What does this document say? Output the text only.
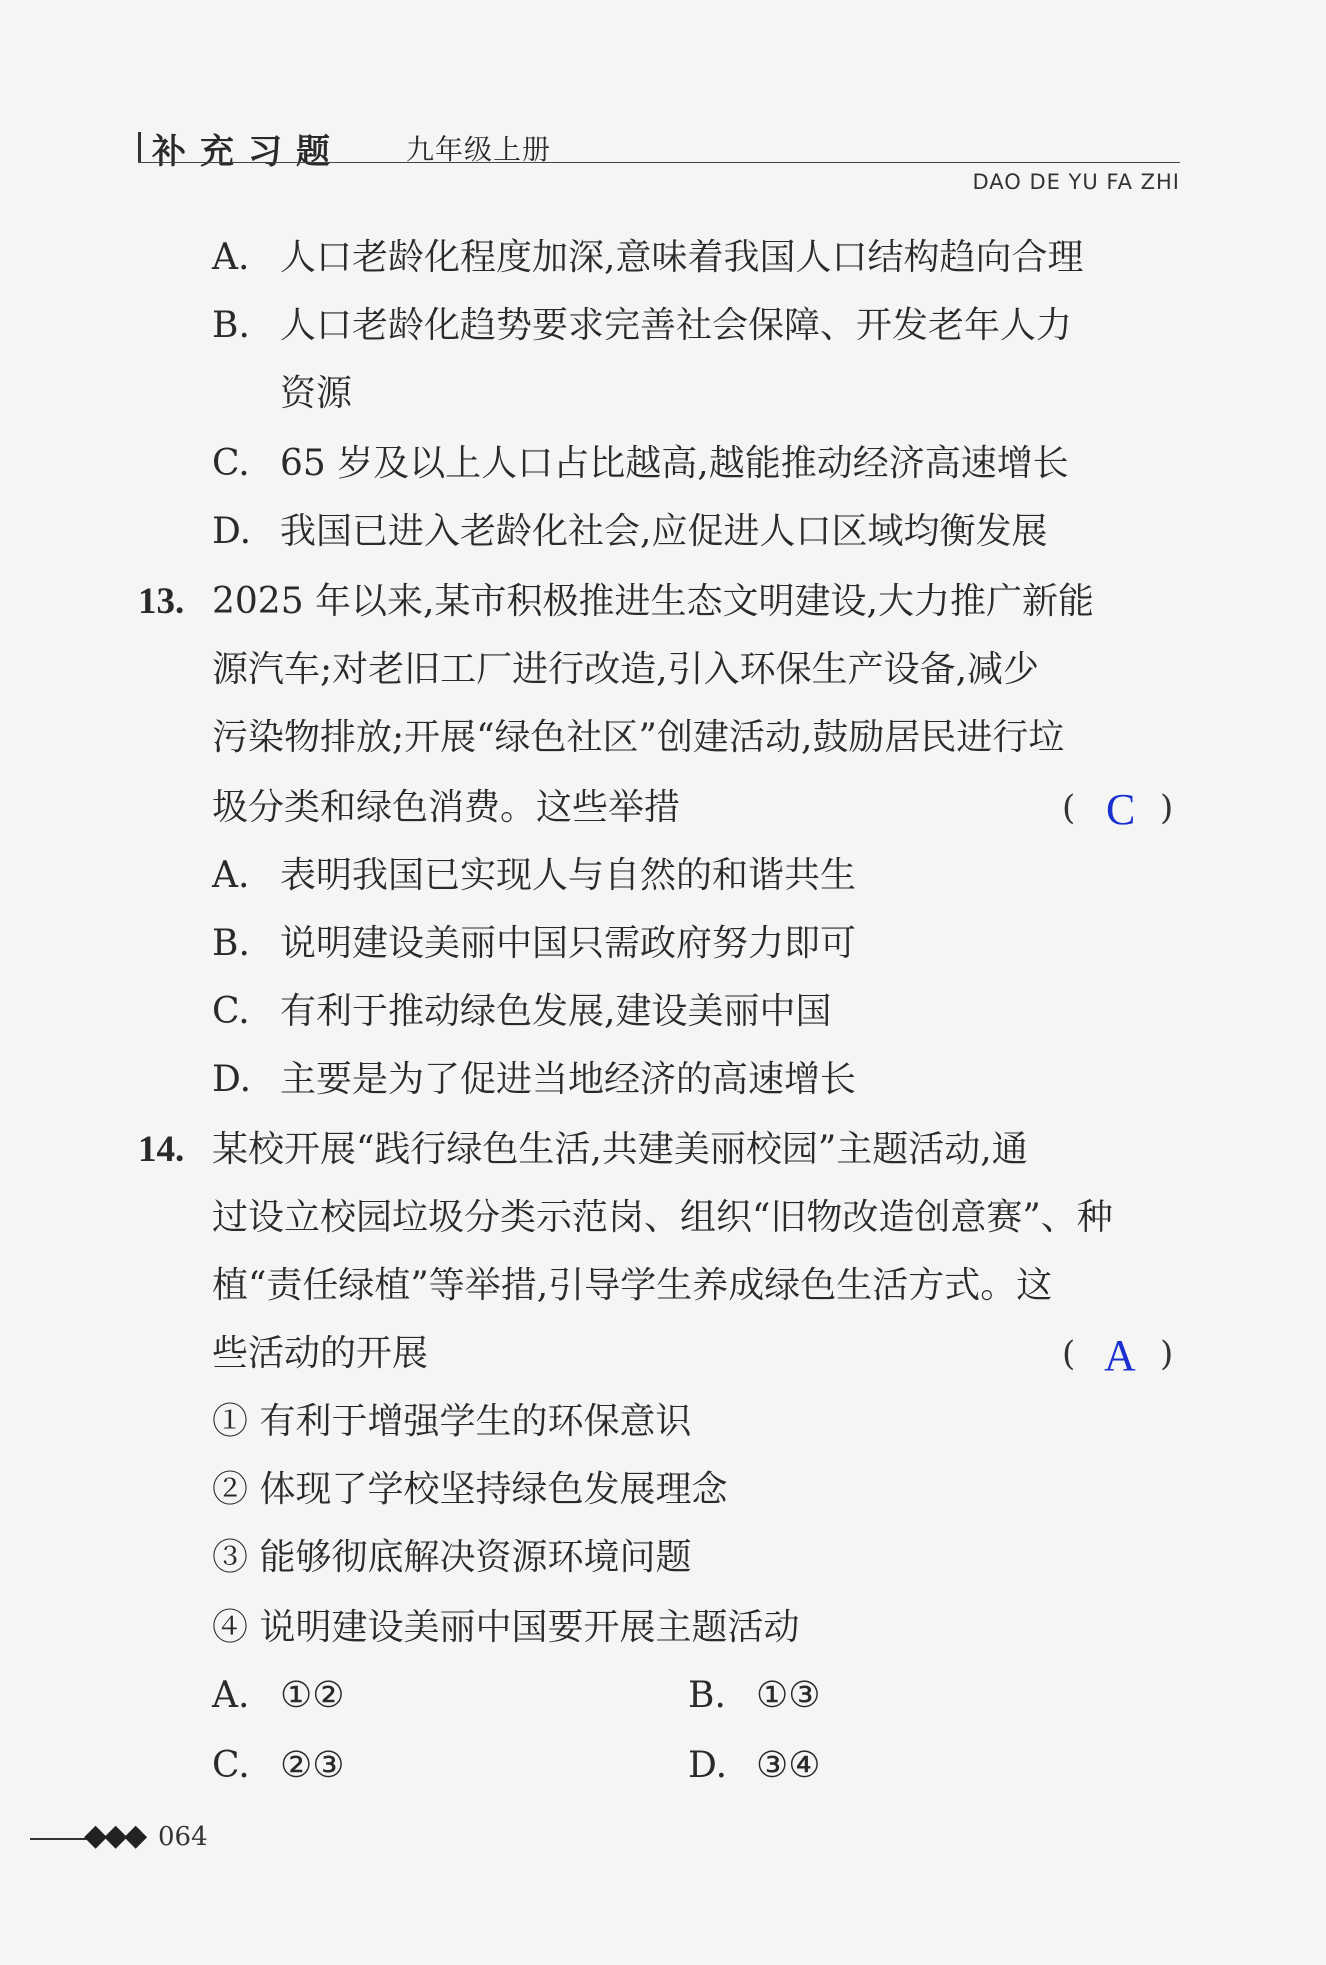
补充习题 九年级上册
DAO DE YU FA ZHI
A. 人口老龄化程度加深,意味着我国人口结构趋向合理
B. 人口老龄化趋势要求完善社会保障、开发老年人力
资源
C. 65 岁及以上人口占比越高,越能推动经济高速增长
D. 我国已进入老龄化社会,应促进人口区域均衡发展
13. 2025 年以来,某市积极推进生态文明建设,大力推广新能
源汽车;对老旧工厂进行改造,引入环保生产设备,减少
污染物排放;开展“绿色社区”创建活动,鼓励居民进行垃
圾分类和绿色消费。这些举措	( C )
A. 表明我国已实现人与自然的和谐共生
B. 说明建设美丽中国只需政府努力即可
C. 有利于推动绿色发展,建设美丽中国
D. 主要是为了促进当地经济的高速增长
14. 某校开展“践行绿色生活,共建美丽校园”主题活动,通
过设立校园垃圾分类示范岗、组织“旧物改造创意赛”、种
植“责任绿植”等举措,引导学生养成绿色生活方式。这
些活动的开展	( A )
① 有利于增强学生的环保意识
② 体现了学校坚持绿色发展理念
③ 能够彻底解决资源环境问题
④ 说明建设美丽中国要开展主题活动
A. ①②	B. ①③
C. ②③	D. ③④
◆◆◆ 064
